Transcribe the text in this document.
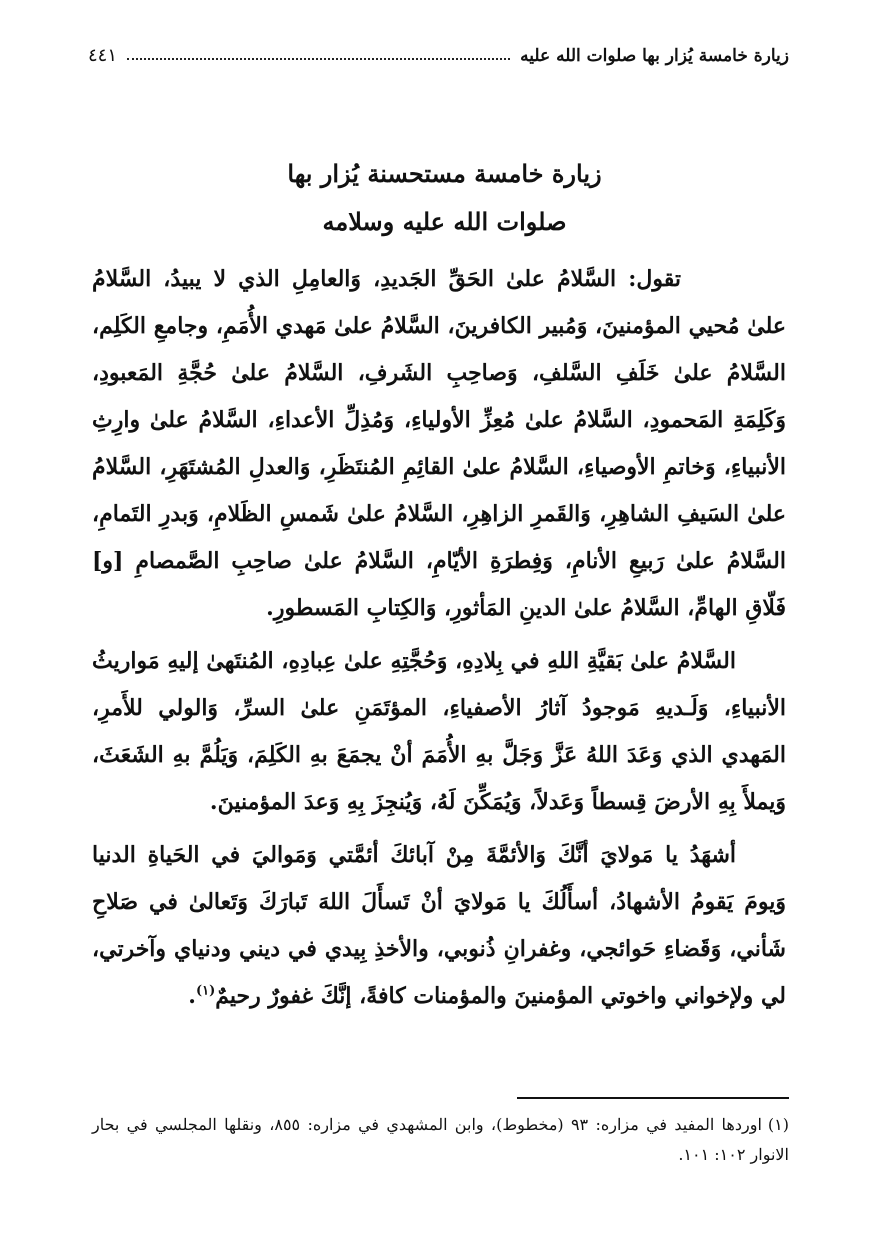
زيارة خامسة يُزار بها صلوات الله عليه
٤٤١
زيارة خامسة مستحسنة يُزار بها
صلوات الله عليه وسلامه

تقول: السَّلامُ علىٰ الحَقِّ الجَديدِ، وَالعامِلِ الذي لا يبيدُ، السَّلامُ علىٰ مُحيي المؤمنينَ، وَمُبير الكافرينَ، السَّلامُ علىٰ مَهدي الأُمَمِ، وجامعِ الكَلِم، السَّلامُ علىٰ خَلَفِ السَّلفِ، وَصاحِبِ الشَرفِ، السَّلامُ علىٰ حُجَّةِ المَعبودِ، وَكَلِمَةِ المَحمودِ، السَّلامُ علىٰ مُعِزِّ الأولياءِ، وَمُذِلِّ الأعداءِ، السَّلامُ علىٰ وارِثِ الأنبياءِ، وَخاتمِ الأوصياءِ، السَّلامُ علىٰ القائِمِ المُنتَظَرِ، وَالعدلِ المُشتَهَرِ، السَّلامُ علىٰ السَيفِ الشاهِرِ، وَالقَمرِ الزاهِرِ، السَّلامُ علىٰ شَمسِ الظَلامِ، وَبدرِ التَمامِ، السَّلامُ علىٰ رَبيعِ الأنامِ، وَفِطرَةِ الأيّامِ، السَّلامُ علىٰ صاحِبِ الصَّمصامِ [و] فَلّاقِ الهامِّ، السَّلامُ علىٰ الدينِ المَأثورِ، وَالكِتابِ المَسطورِ.

السَّلامُ علىٰ بَقيَّةِ اللهِ في بِلادِهِ، وَحُجَّتِهِ علىٰ عِبادِهِ، المُنتَهىٰ إليهِ مَواريثُ الأنبياءِ، وَلَـديهِ مَوجودُ آثارُ الأصفياءِ، المؤتَمَنِ علىٰ السرِّ، وَالولي للأَمرِ، المَهدي الذي وَعَدَ اللهُ عَزَّ وَجَلَّ بهِ الأُمَمَ أنْ يجمَعَ بهِ الكَلِمَ، وَيَلُمَّ بهِ الشَعَثَ، وَيملأَ بِهِ الأرضَ قِسطاً وَعَدلاً، وَيُمَكِّنَ لَهُ، وَيُنجِزَ بِهِ وَعدَ المؤمنينَ.

أشهَدُ يا مَولايَ أنَّكَ وَالأئمَّةَ مِنْ آبائكَ أئمَّتي وَمَواليَ في الحَياةِ الدنيا وَيومَ يَقومُ الأشهادُ، أسأَلُكَ يا مَولايَ أنْ تَسأَلَ اللهَ تَبارَكَ وَتَعالىٰ في صَلاحِ شَأني، وَقَضاءِ حَوائجي، وغفرانِ ذُنوبي، والأخذِ بِيدي في ديني ودنياي وآخرتي، لي ولإخواني واخوتي المؤمنينَ والمؤمنات كافةً، إنَّكَ غفورٌ رحيمٌ$^{(١)}$.

(١)اوردها المفيد في مزاره: ٩٣ (مخطوط)، وابن المشهدي في مزاره: ٨٥٥، ونقلها المجلسي في بحار الانوار ١٠٢: ١٠١.
